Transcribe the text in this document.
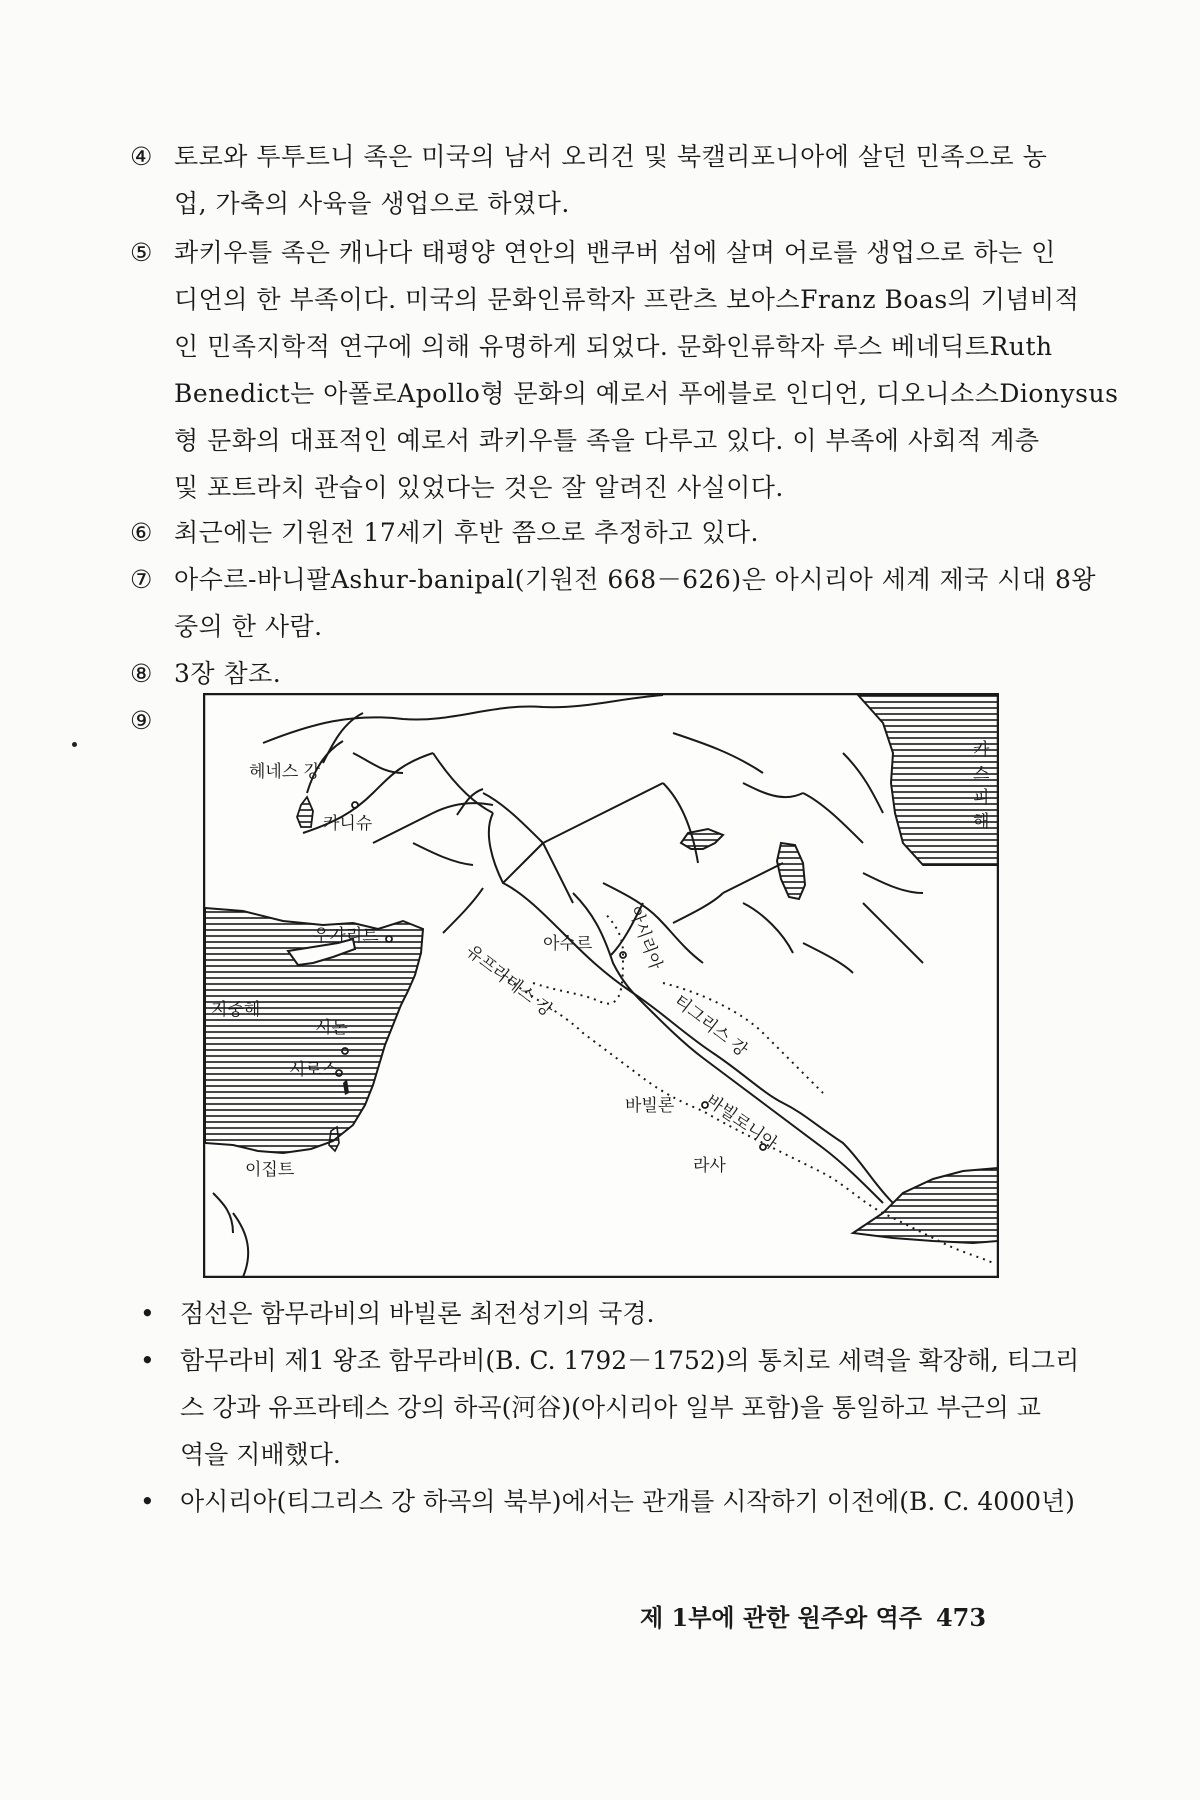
④ 토로와 투투트니 족은 미국의 남서 오리건 및 북캘리포니아에 살던 민족으로 농
업, 가축의 사육을 생업으로 하였다.
⑤ 콰키우틀 족은 캐나다 태평양 연안의 밴쿠버 섬에 살며 어로를 생업으로 하는 인
디언의 한 부족이다. 미국의 문화인류학자 프란츠 보아스Franz Boas의 기념비적
인 민족지학적 연구에 의해 유명하게 되었다. 문화인류학자 루스 베네딕트Ruth
Benedict는 아폴로Apollo형 문화의 예로서 푸에블로 인디언, 디오니소스Dionysus
형 문화의 대표적인 예로서 콰키우틀 족을 다루고 있다. 이 부족에 사회적 계층
및 포트라치 관습이 있었다는 것은 잘 알려진 사실이다.
⑥ 최근에는 기원전 17세기 후반 쯤으로 추정하고 있다.
⑦ 아수르-바니팔Ashur-banipal(기원전 668－626)은 아시리아 세계 제국 시대 8왕
중의 한 사람.
⑧ 3장 참조.
⑨
헤네스 강
카니슈
카
스
피
해
우가리트
지중해
시돈
시로스
이집트
아수르
유프라테스 강
아시리아
티그리스 강
바빌론 바빌로니아
라사
•	점선은 함무라비의 바빌론 최전성기의 국경.
•	함무라비 제1 왕조 함무라비(B. C. 1792－1752)의 통치로 세력을 확장해, 티그리
스 강과 유프라테스 강의 하곡(河谷)(아시리아 일부 포함)을 통일하고 부근의 교
역을 지배했다.
•	아시리아(티그리스 강 하곡의 북부)에서는 관개를 시작하기 이전에(B. C. 4000년)
제 1부에 관한 원주와 역주 473
